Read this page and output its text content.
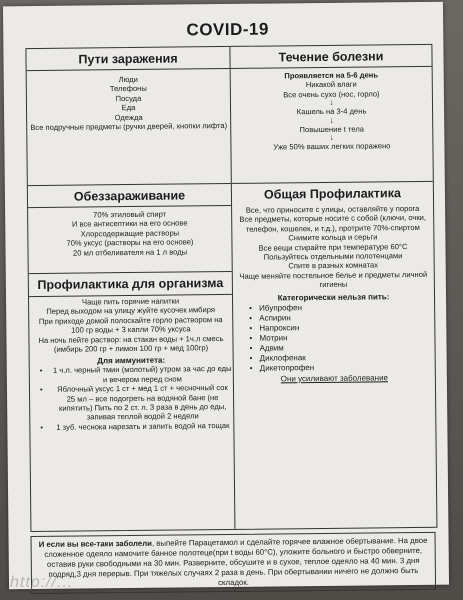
COVID-19
Пути заражения

Люди

Телефоны

Посуда

Еда

Одежда

Все подручные предметы (ручки дверей, кнопки лифта)

Обеззараживание

70% этиловый спирт

И все антисептики на его основе

Хлорсодержащие растворы

70% уксус (растворы на его основе)

20 мл отбеливателя на 1 л воды

Профилактика для организма

Чаще пить горячие напитки

Перед выходом на улицу жуйте кусочек имбиря

При приходе домой полоскайте горло раствором на 100 гр воды + 3 капли 70% уксуса

На ночь пейте раствор: на стакан воды + 1ч.л смесь (имбирь 200 гр + лимон 100 гр + мед 100гр)

Для иммунитета:
• 1 ч.л. черный тмин (молотый) утром за час до еды и вечером перед сном
• Яблочный уксус 1 ст + мед 1 ст + чесночный сок 25 мл – все подогреть на водяной бане (не кипятить) Пить по 2 ст. л. 3 раза в день до еды, запивая теплой водой 2 недели
• 1 зуб. чеснока нарезать и запить водой на тощак
Течение болезни

Проявляется на 5-6 день

Никакой влаги

Все очень сухо (нос, горло)

↓

Кашель на 3-4 день

↓

Повышение t тела

↓

Уже 50% ваших легких поражено

Общая Профилактика

Все, что приносите с улицы, оставляйте у порога

Все предметы, которые носите с собой (ключи, очки, телефон, кошелек, и т.д.), протрите 70%-спиртом

Снимите кольца и серьги

Все вещи стирайте при температуре 60°С

Пользуйтесь отдельными полотенцами

Спите в разных комнатах

Чаще меняйте постельное белье и предметы личной гигиены

Категорически нельзя пить:
• Ибупрофен
• Аспирин
• Напроксин
• Мотрин
• Адвим
• Диклофенак
• Дикетопрофен
Они усиливают заболевание
И если вы все-таки заболели, выпейте Парацетамол и сделайте горячее влажное обертывание. На двое сложенное одеяло намочите банное полотеце(при t воды 60°С), уложите больного и быстро обверните, оставив руки свободными на 30 мин. Разверните, обсушите и в сухое, теплое одеяло на 40 мин. 3 дня подряд,3 дня перерыв. При тяжелых случаях 2 раза в день. При обертывании ничего не должно быть складок.
http://...
